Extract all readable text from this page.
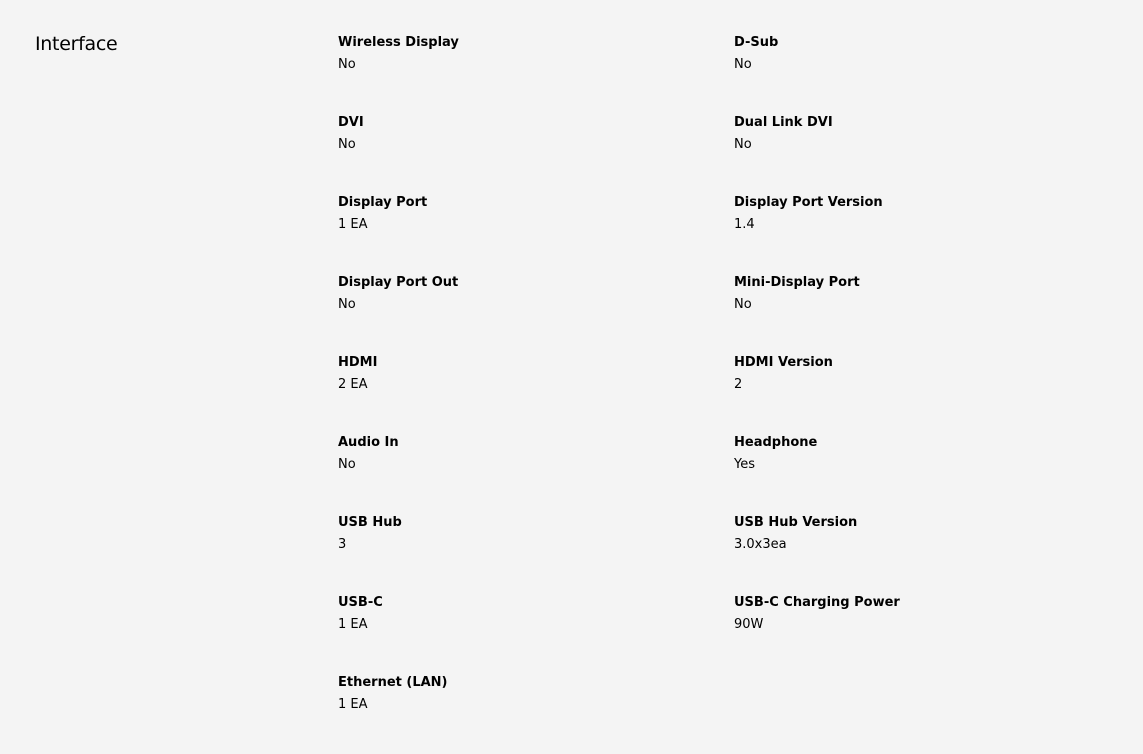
Interface	Wireless Display
No
D-Sub
No
DVI
No
Dual Link DVI
No
Display Port
1 EA
Display Port Version
1.4
Display Port Out
No
Mini-Display Port
No
HDMI
2 EA
HDMI Version
2
Audio In
No
Headphone
Yes
USB Hub
3
USB Hub Version
3.0x3ea
USB-C
1 EA
USB-C Charging Power
90W
Ethernet (LAN)
1 EA
